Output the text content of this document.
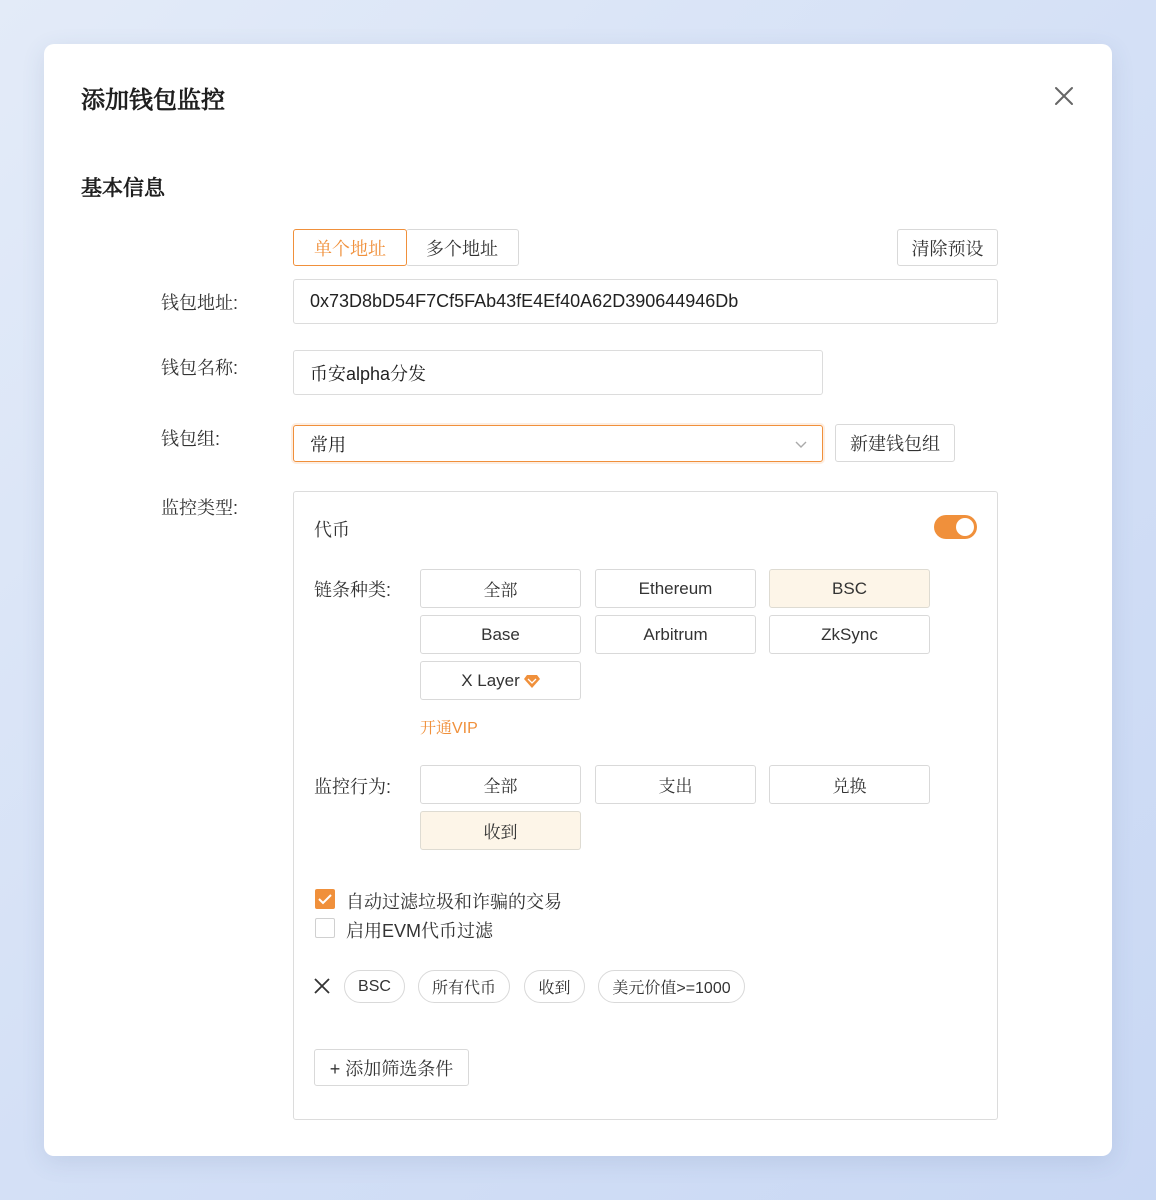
添加钱包监控
基本信息
单个地址	多个地址	清除预设
钱包地址:	0x73D8bD54F7Cf5FAb43fE4Ef40A62D390644946Db
钱包名称:	币安alpha分发
钱包组:	常用	新建钱包组
监控类型:
代币
链条种类:	全部	Ethereum	BSC
Base	Arbitrum	ZkSync
X Layer
开通VIP
监控行为:	全部	支出	兑换
收到
自动过滤垃圾和诈骗的交易
启用EVM代币过滤
BSC	所有代币	收到	美元价值>=1000
+ 添加筛选条件
